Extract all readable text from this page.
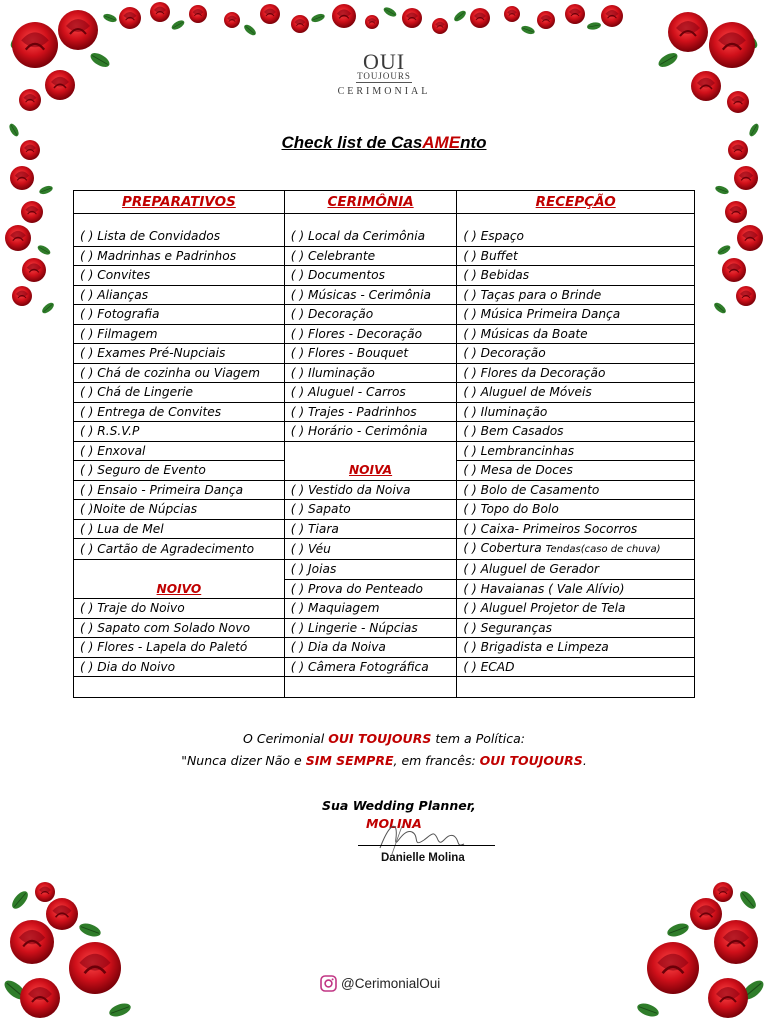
OUI
TOUJOURS
CERIMONIAL
Check list de CasAMEnto
PREPARATIVOS	CERIMÔNIA	RECEPÇÃO

( ) Lista de Convidados	( ) Local da Cerimônia	( ) Espaço
( ) Madrinhas e Padrinhos	( ) Celebrante	( ) Buffet
( ) Convites	( ) Documentos	( ) Bebidas
( ) Alianças	( ) Músicas - Cerimônia	( ) Taças para o Brinde
( ) Fotografia	( ) Decoração	( ) Música Primeira Dança
( ) Filmagem	( ) Flores - Decoração	( ) Músicas da Boate
( ) Exames Pré-Nupciais	( ) Flores - Bouquet	( ) Decoração
( ) Chá de cozinha ou Viagem	( ) Iluminação	( ) Flores da Decoração
( ) Chá de Lingerie	( ) Aluguel - Carros	( ) Aluguel de Móveis
( ) Entrega de Convites	( ) Trajes - Padrinhos	( ) Iluminação
( ) R.S.V.P	( ) Horário - Cerimônia	( ) Bem Casados
( ) Enxoval		( ) Lembrancinhas
( ) Seguro de Evento	NOIVA	( ) Mesa de Doces
( ) Ensaio - Primeira Dança	( ) Vestido da Noiva	( ) Bolo de Casamento
( )Noite de Núpcias	( ) Sapato	( ) Topo do Bolo
( ) Lua de Mel	( ) Tiara	( ) Caixa- Primeiros Socorros
( ) Cartão de Agradecimento	( ) Véu	( ) Cobertura Tendas(caso de chuva)
	( ) Joias	( ) Aluguel de Gerador
NOIVO	( ) Prova do Penteado	( ) Havaianas ( Vale Alívio)
( ) Traje do Noivo	( ) Maquiagem	( ) Aluguel Projetor de Tela
( ) Sapato com Solado Novo	( ) Lingerie - Núpcias	( ) Seguranças
( ) Flores - Lapela do Paletó	( ) Dia da Noiva	( ) Brigadista e Limpeza
( ) Dia do Noivo	( ) Câmera Fotográfica	( ) ECAD

O Cerimonial OUI TOUJOURS tem a Política:
"Nunca dizer Não e SIM SEMPRE, em francês: OUI TOUJOURS.
Sua Wedding Planner,
MOLINA
Danielle Molina
@CerimonialOui
